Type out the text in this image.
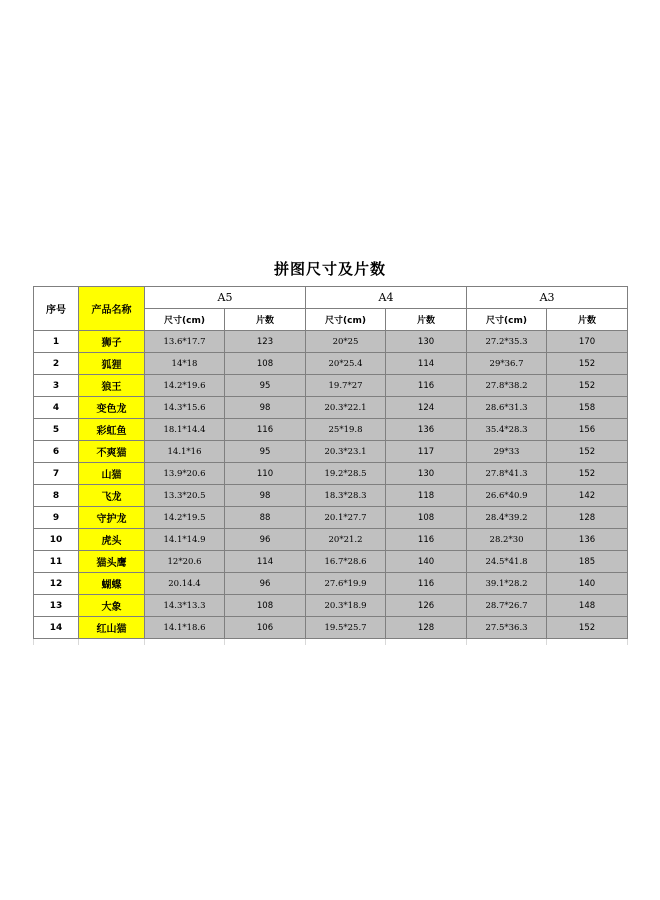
拼图尺寸及片数
序号	产品名称	A5		A4		A3	
		尺寸(cm)	片数	尺寸(cm)	片数	尺寸(cm)	片数
1	狮子	13.6*17.7	123	20*25	130	27.2*35.3	170
2	狐狸	14*18	108	20*25.4	114	29*36.7	152
3	狼王	14.2*19.6	95	19.7*27	116	27.8*38.2	152
4	变色龙	14.3*15.6	98	20.3*22.1	124	28.6*31.3	158
5	彩虹鱼	18.1*14.4	116	25*19.8	136	35.4*28.3	156
6	不爽猫	14.1*16	95	20.3*23.1	117	29*33	152
7	山猫	13.9*20.6	110	19.2*28.5	130	27.8*41.3	152
8	飞龙	13.3*20.5	98	18.3*28.3	118	26.6*40.9	142
9	守护龙	14.2*19.5	88	20.1*27.7	108	28.4*39.2	128
10	虎头	14.1*14.9	96	20*21.2	116	28.2*30	136
11	猫头鹰	12*20.6	114	16.7*28.6	140	24.5*41.8	185
12	蝴蝶	20.14.4	96	27.6*19.9	116	39.1*28.2	140
13	大象	14.3*13.3	108	20.3*18.9	126	28.7*26.7	148
14	红山猫	14.1*18.6	106	19.5*25.7	128	27.5*36.3	152
